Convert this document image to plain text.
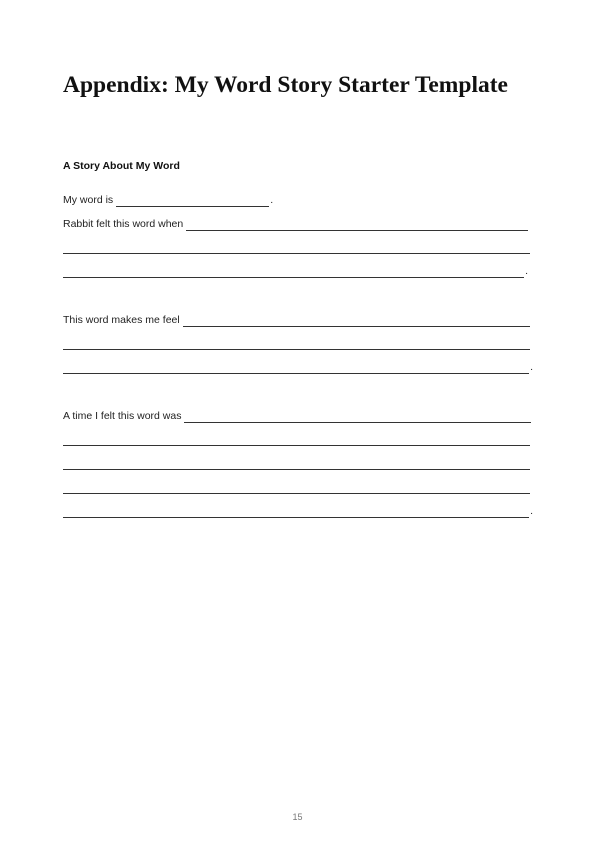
Appendix: My Word Story Starter Template
A Story About My Word
My word is	.
Rabbit felt this word when
.
This word makes me feel
.
A time I felt this word was
.
15
